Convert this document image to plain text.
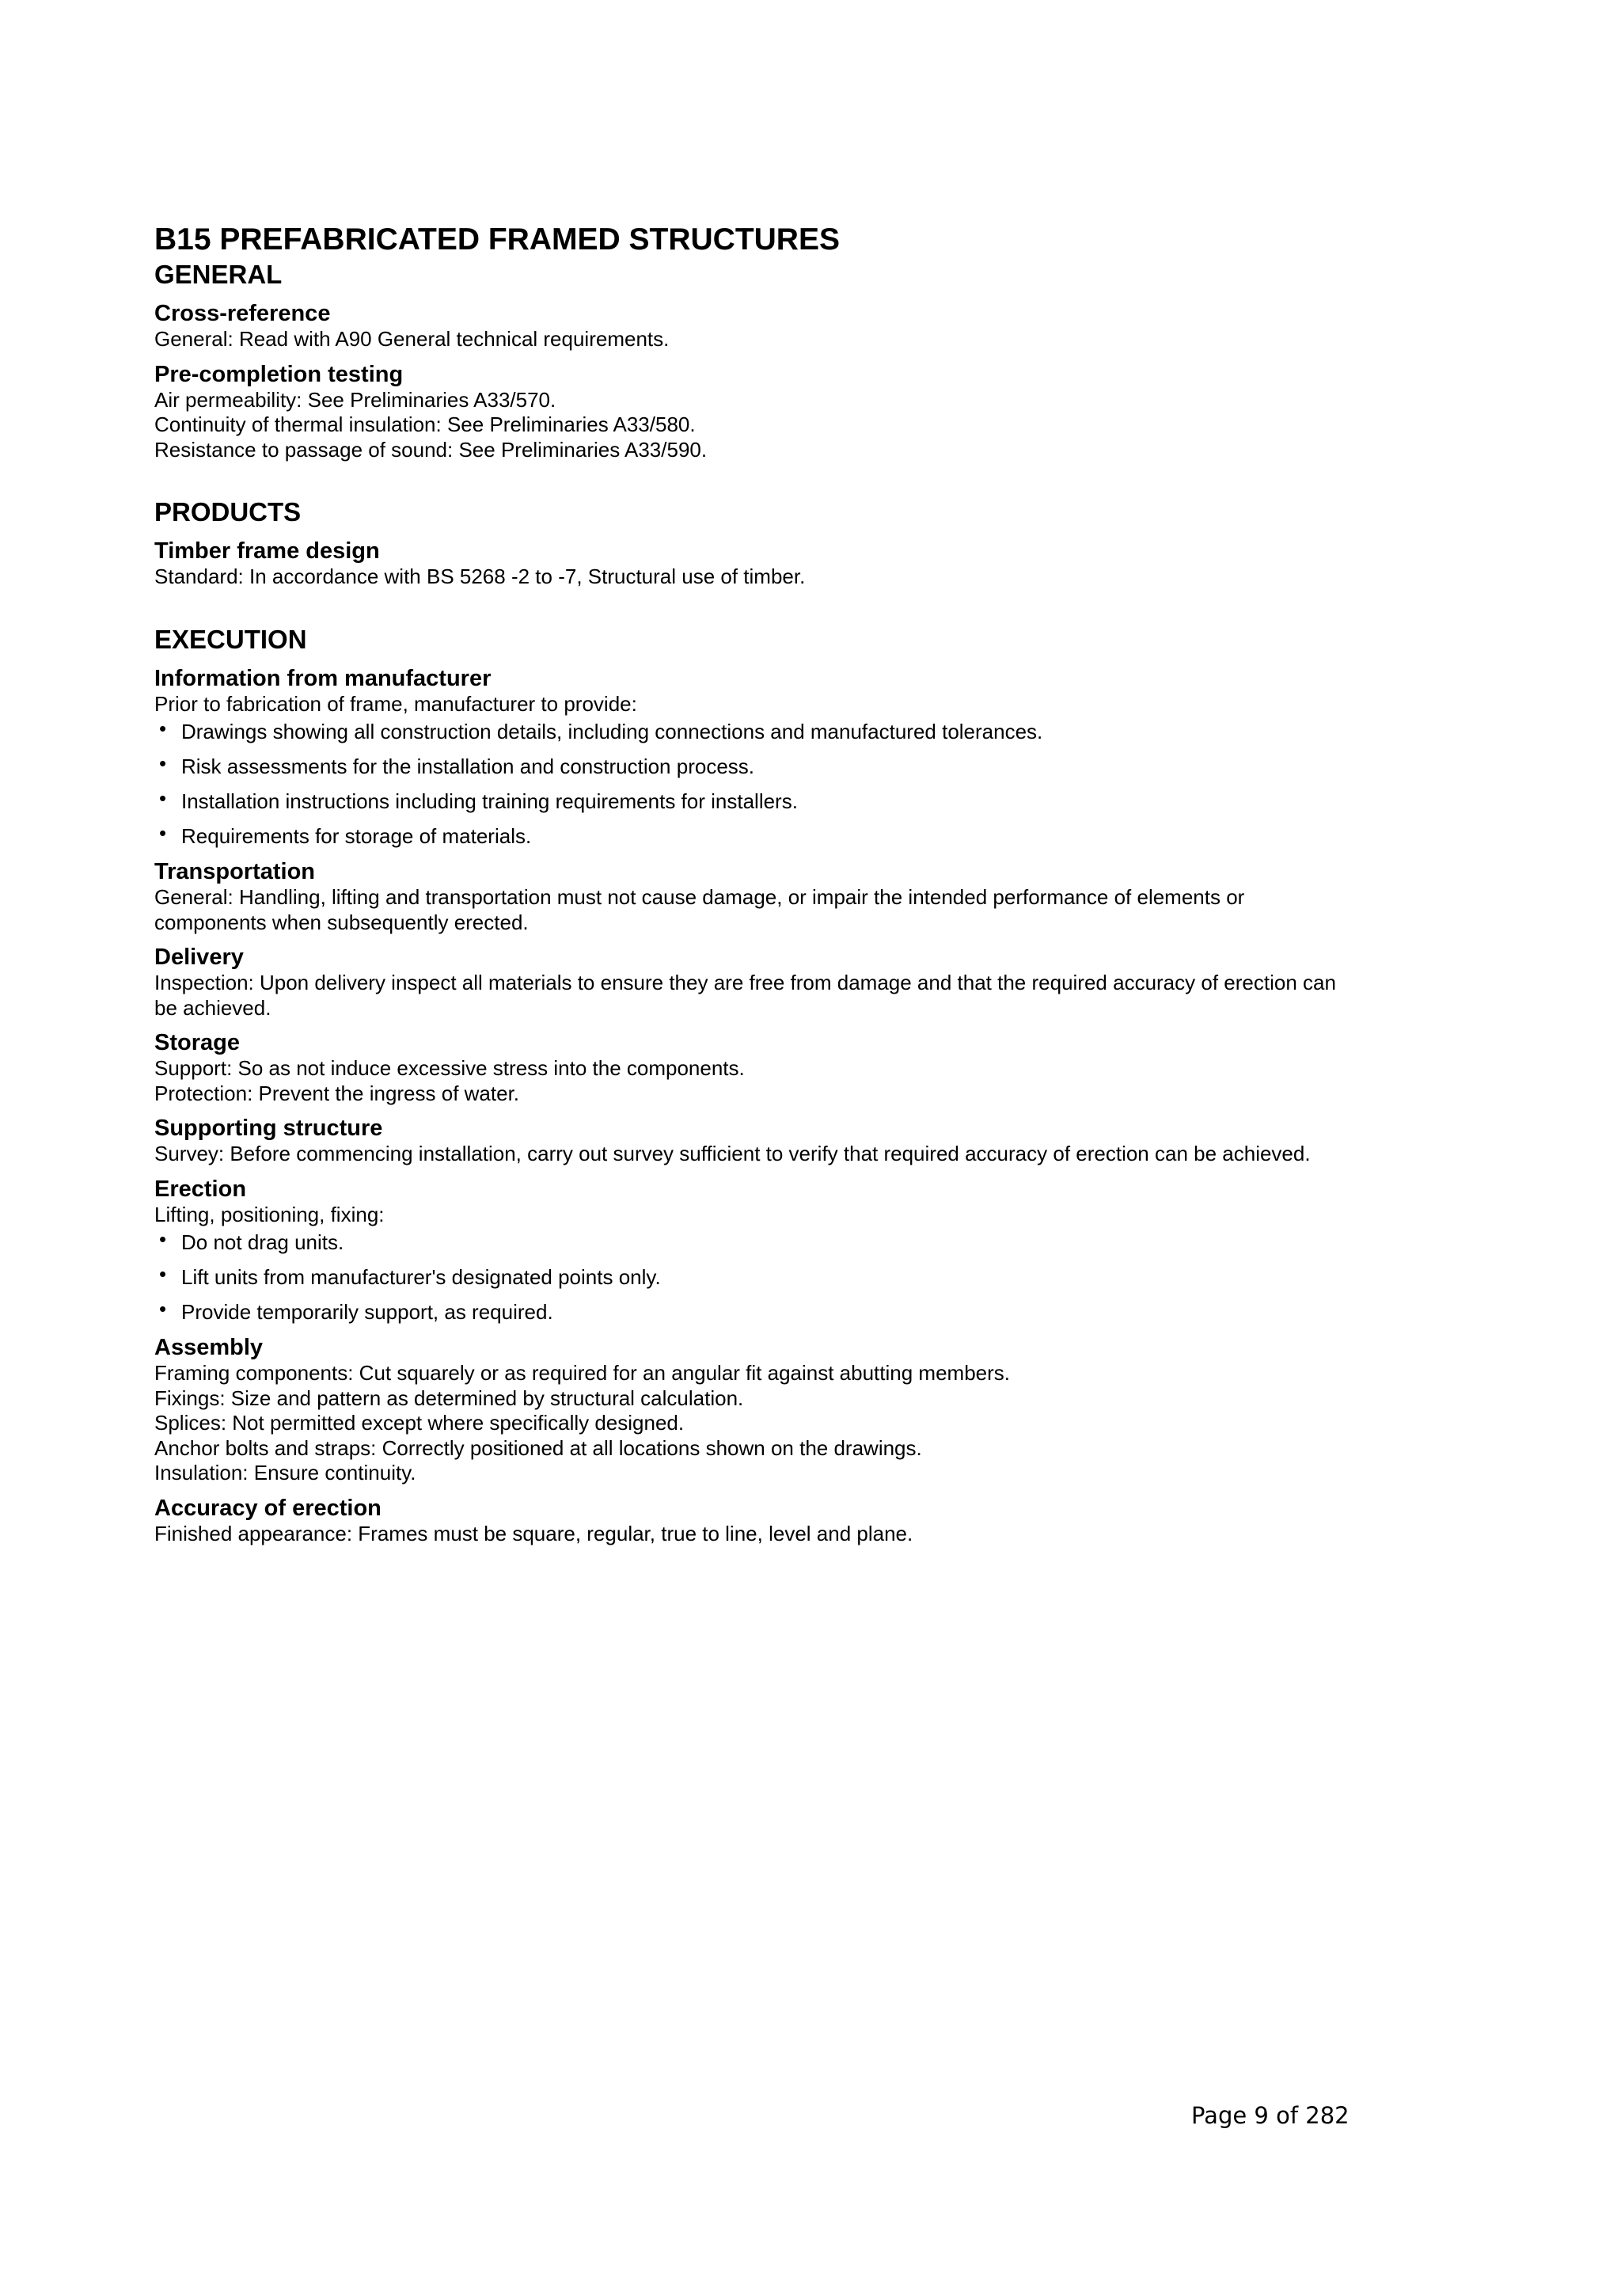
B15 PREFABRICATED FRAMED STRUCTURES
GENERAL
Cross-reference
General: Read with A90 General technical requirements.
Pre-completion testing
Air permeability: See Preliminaries A33/570.
Continuity of thermal insulation: See Preliminaries A33/580.
Resistance to passage of sound: See Preliminaries A33/590.
PRODUCTS
Timber frame design
Standard: In accordance with BS 5268 -2 to -7, Structural use of timber.
EXECUTION
Information from manufacturer
Prior to fabrication of frame, manufacturer to provide:
• Drawings showing all construction details, including connections and manufactured tolerances.
• Risk assessments for the installation and construction process.
• Installation instructions including training requirements for installers.
• Requirements for storage of materials.
Transportation
General: Handling, lifting and transportation must not cause damage, or impair the intended performance of elements or
components when subsequently erected.
Delivery
Inspection: Upon delivery inspect all materials to ensure they are free from damage and that the required accuracy of erection can
be achieved.
Storage
Support: So as not induce excessive stress into the components.
Protection: Prevent the ingress of water.
Supporting structure
Survey: Before commencing installation, carry out survey sufficient to verify that required accuracy of erection can be achieved.
Erection
Lifting, positioning, fixing:
• Do not drag units.
• Lift units from manufacturer's designated points only.
• Provide temporarily support, as required.
Assembly
Framing components: Cut squarely or as required for an angular fit against abutting members.
Fixings: Size and pattern as determined by structural calculation.
Splices: Not permitted except where specifically designed.
Anchor bolts and straps: Correctly positioned at all locations shown on the drawings.
Insulation: Ensure continuity.
Accuracy of erection
Finished appearance: Frames must be square, regular, true to line, level and plane.
Page 9 of 282
